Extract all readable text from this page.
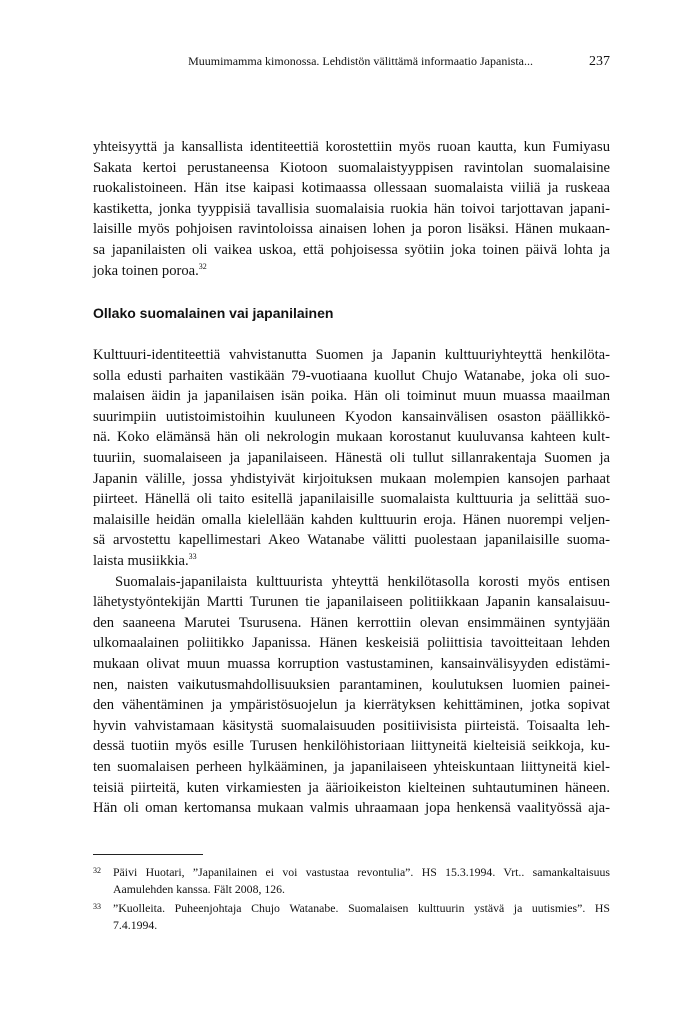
Muumimamma kimonossa. Lehdistön välittämä informaatio Japanista...	237
yhteisyyttä ja kansallista identiteettiä korostettiin myös ruoan kautta, kun Fumiyasu
Sakata kertoi perustaneensa Kiotoon suomalaistyyppisen ravintolan suomalaisine
ruokalistoineen. Hän itse kaipasi kotimaassa ollessaan suomalaista viiliä ja ruskeaa
kastiketta, jonka tyyppisiä tavallisia suomalaisia ruokia hän toivoi tarjottavan japani-
laisille myös pohjoisen ravintoloissa ainaisen lohen ja poron lisäksi. Hänen mukaan-
sa japanilaisten oli vaikea uskoa, että pohjoisessa syötiin joka toinen päivä lohta ja
joka toinen poroa.$^{32}$
Ollako suomalainen vai japanilainen
Kulttuuri-identiteettiä vahvistanutta Suomen ja Japanin kulttuuriyhteyttä henkilöta-
solla edusti parhaiten vastikään 79-vuotiaana kuollut Chujo Watanabe, joka oli suo-
malaisen äidin ja japanilaisen isän poika. Hän oli toiminut muun muassa maailman
suurimpiin uutistoimistoihin kuuluneen Kyodon kansainvälisen osaston päällikkö-
nä. Koko elämänsä hän oli nekrologin mukaan korostanut kuuluvansa kahteen kult-
tuuriin, suomalaiseen ja japanilaiseen. Hänestä oli tullut sillanrakentaja Suomen ja
Japanin välille, jossa yhdistyivät kirjoituksen mukaan molempien kansojen parhaat
piirteet. Hänellä oli taito esitellä japanilaisille suomalaista kulttuuria ja selittää suo-
malaisille heidän omalla kielellään kahden kulttuurin eroja. Hänen nuorempi veljen-
sä arvostettu kapellimestari Akeo Watanabe välitti puolestaan japanilaisille suoma-
laista musiikkia.$^{33}$
Suomalais-japanilaista kulttuurista yhteyttä henkilötasolla korosti myös entisen
lähetystyöntekijän Martti Turunen tie japanilaiseen politiikkaan Japanin kansalaisuu-
den saaneena Marutei Tsurusena. Hänen kerrottiin olevan ensimmäinen syntyjään
ulkomaalainen poliitikko Japanissa. Hänen keskeisiä poliittisia tavoitteitaan lehden
mukaan olivat muun muassa korruption vastustaminen, kansainvälisyyden edistämi-
nen, naisten vaikutusmahdollisuuksien parantaminen, koulutuksen luomien painei-
den vähentäminen ja ympäristösuojelun ja kierrätyksen kehittäminen, jotka sopivat
hyvin vahvistamaan käsitystä suomalaisuuden positiivisista piirteistä. Toisaalta leh-
dessä tuotiin myös esille Turusen henkilöhistoriaan liittyneitä kielteisiä seikkoja, ku-
ten suomalaisen perheen hylkääminen, ja japanilaiseen yhteiskuntaan liittyneitä kiel-
teisiä piirteitä, kuten virkamiesten ja äärioikeiston kielteinen suhtautuminen häneen.
Hän oli oman kertomansa mukaan valmis uhraamaan jopa henkensä vaalityössä aja-
32	Päivi Huotari, ”Japanilainen ei voi vastustaa revontulia”. HS 15.3.1994. Vrt.. samankaltaisuus
Aamulehden kanssa. Fält 2008, 126.
33	”Kuolleita. Puheenjohtaja Chujo Watanabe. Suomalaisen kulttuurin ystävä ja uutismies”. HS
7.4.1994.
